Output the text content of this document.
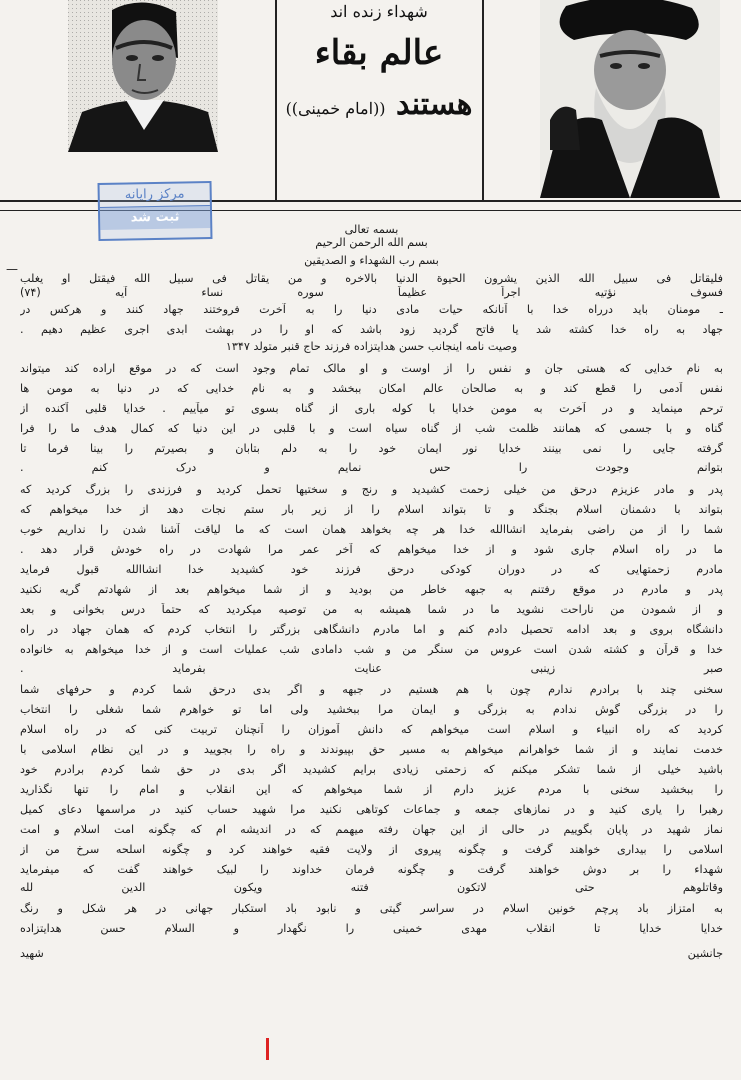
شهداء زنده اند
عالم بقاء
هستند ((امام خمینی))
مرکز رایانه
ثبت شد
بسمه تعالی
بسم الله الرحمن الرحیم
بسم رب الشهداء و الصدیقین
فلیقاتل فی سبیل الله الذین یشرون الحیوة الدنیا بالاخره و من یقاتل فی سبیل الله فیقتل او یغلب
فسوف نؤتیه اجراً عظیماً سوره نساء آیه (۷۴)
ـ مومنان باید درراه خدا با آنانکه حیات مادی دنیا را به آخرت فروختند جهاد کنند و هرکس در
جهاد به راه خدا کشته شد یا فاتح گردید زود باشد که او را در بهشت ابدی اجری عظیم دهیم .
وصیت نامه اینجانب حسن هدایتزاده فرزند حاج قنبر متولد ۱۳۴۷
به نام خدایی که هستی جان و نفس را از اوست و او مالک تمام وجود است که در موقع اراده کند میتواند
نفس آدمی را قطع کند و به صالحان عالم امکان ببخشد و به نام خدایی که در دنیا به مومن ها
ترحم مینماید و در آخرت به مومن خدایا با کوله باری از گناه بسوی تو میآییم . خدایا قلبی آکنده از
گناه و با جسمی که همانند ظلمت شب از گناه سیاه است و با قلبی در این دنیا که کمال هدف ما را فرا
گرفته جایی را نمی بینند خدایا نور ایمان خود را به دلم بتابان و بصیرتم را بینا فرما تا
بتوانم وجودت را حس نمایم و درک کنم .
پدر و مادر عزیزم درحق من خیلی زحمت کشیدید و رنج و سختیها تحمل کردید و فرزندی را بزرگ کردید که
بتواند با دشمنان اسلام بجنگد و تا بتواند اسلام را از زیر بار ستم نجات دهد از خدا میخواهم که
شما را از من راضی بفرماید انشاالله خدا هر چه بخواهد همان است که ما لیاقت آشنا شدن را نداریم خوب
ما در راه اسلام جاری شود و از خدا میخواهم که آخر عمر مرا شهادت در راه خودش قرار دهد .
مادرم زحمتهایی که در دوران کودکی درحق فرزند خود کشیدید خدا انشاالله قبول فرماید
پدر و مادرم در موقع رفتنم به جبهه خاطر من بودید و از شما میخواهم بعد از شهادتم گریه نکنید
و از شمودن من ناراحت نشوید ما در شما همیشه به من توصیه میکردید که حتماً درس بخوانی و بعد
دانشگاه بروی و بعد ادامه تحصیل دادم کنم و اما مادرم دانشگاهی بزرگتر را انتخاب کردم که همان جهاد در راه
خدا و قرآن و کشته شدن است عروس من سنگر من و شب دامادی شب عملیات است و از خدا میخواهم به خانواده
صبر زینبی عنایت بفرماید .
سخنی چند با برادرم ندارم چون با هم هستیم در جبهه و اگر بدی درحق شما کردم و حرفهای شما
را در بزرگی گوش ندادم به بزرگی و ایمان مرا ببخشید ولی اما تو خواهرم شما شغلی را انتخاب
کردید که راه انبیاء و اسلام است میخواهم که دانش آموزان را آنچنان تربیت کنی که در راه اسلام
خدمت نمایند و از شما خواهرانم میخواهم به مسیر حق بپیوندند و راه را بجویید و در این نظام اسلامی با
باشید خیلی از شما تشکر میکنم که زحمتی زیادی برایم کشیدید اگر بدی در حق شما کردم برادرم خود
را ببخشید سخنی با مردم عزیز دارم از شما میخواهم که این انقلاب و امام را تنها نگذارید
رهبرا را یاری کنید و در نمازهای جمعه و جماعات کوتاهی نکنید مرا شهید حساب کنید در مراسمها دعای کمیل
نماز شهید در پایان بگوییم در حالی از این جهان رفته میهمم که در اندیشه ام که چگونه امت اسلام و امت
اسلامی را بیداری خواهند گرفت و چگونه پیروی از ولایت فقیه خواهند کرد و چگونه اسلحه سرخ من از
شهداء را بر دوش خواهند گرفت و چگونه فرمان خداوند را لبیک خواهند گفت که میفرماید
وقاتلوهم حتی لاتکون فتنه ویکون الدین لله
به امتزاز باد پرچم خونین اسلام در سراسر گیتی و نابود باد استکبار جهانی در هر شکل و رنگ
خدایا خدایا تا انقلاب مهدی خمینی را نگهدار و السلام حسن هدایتزاده
جانشین شهید
—
